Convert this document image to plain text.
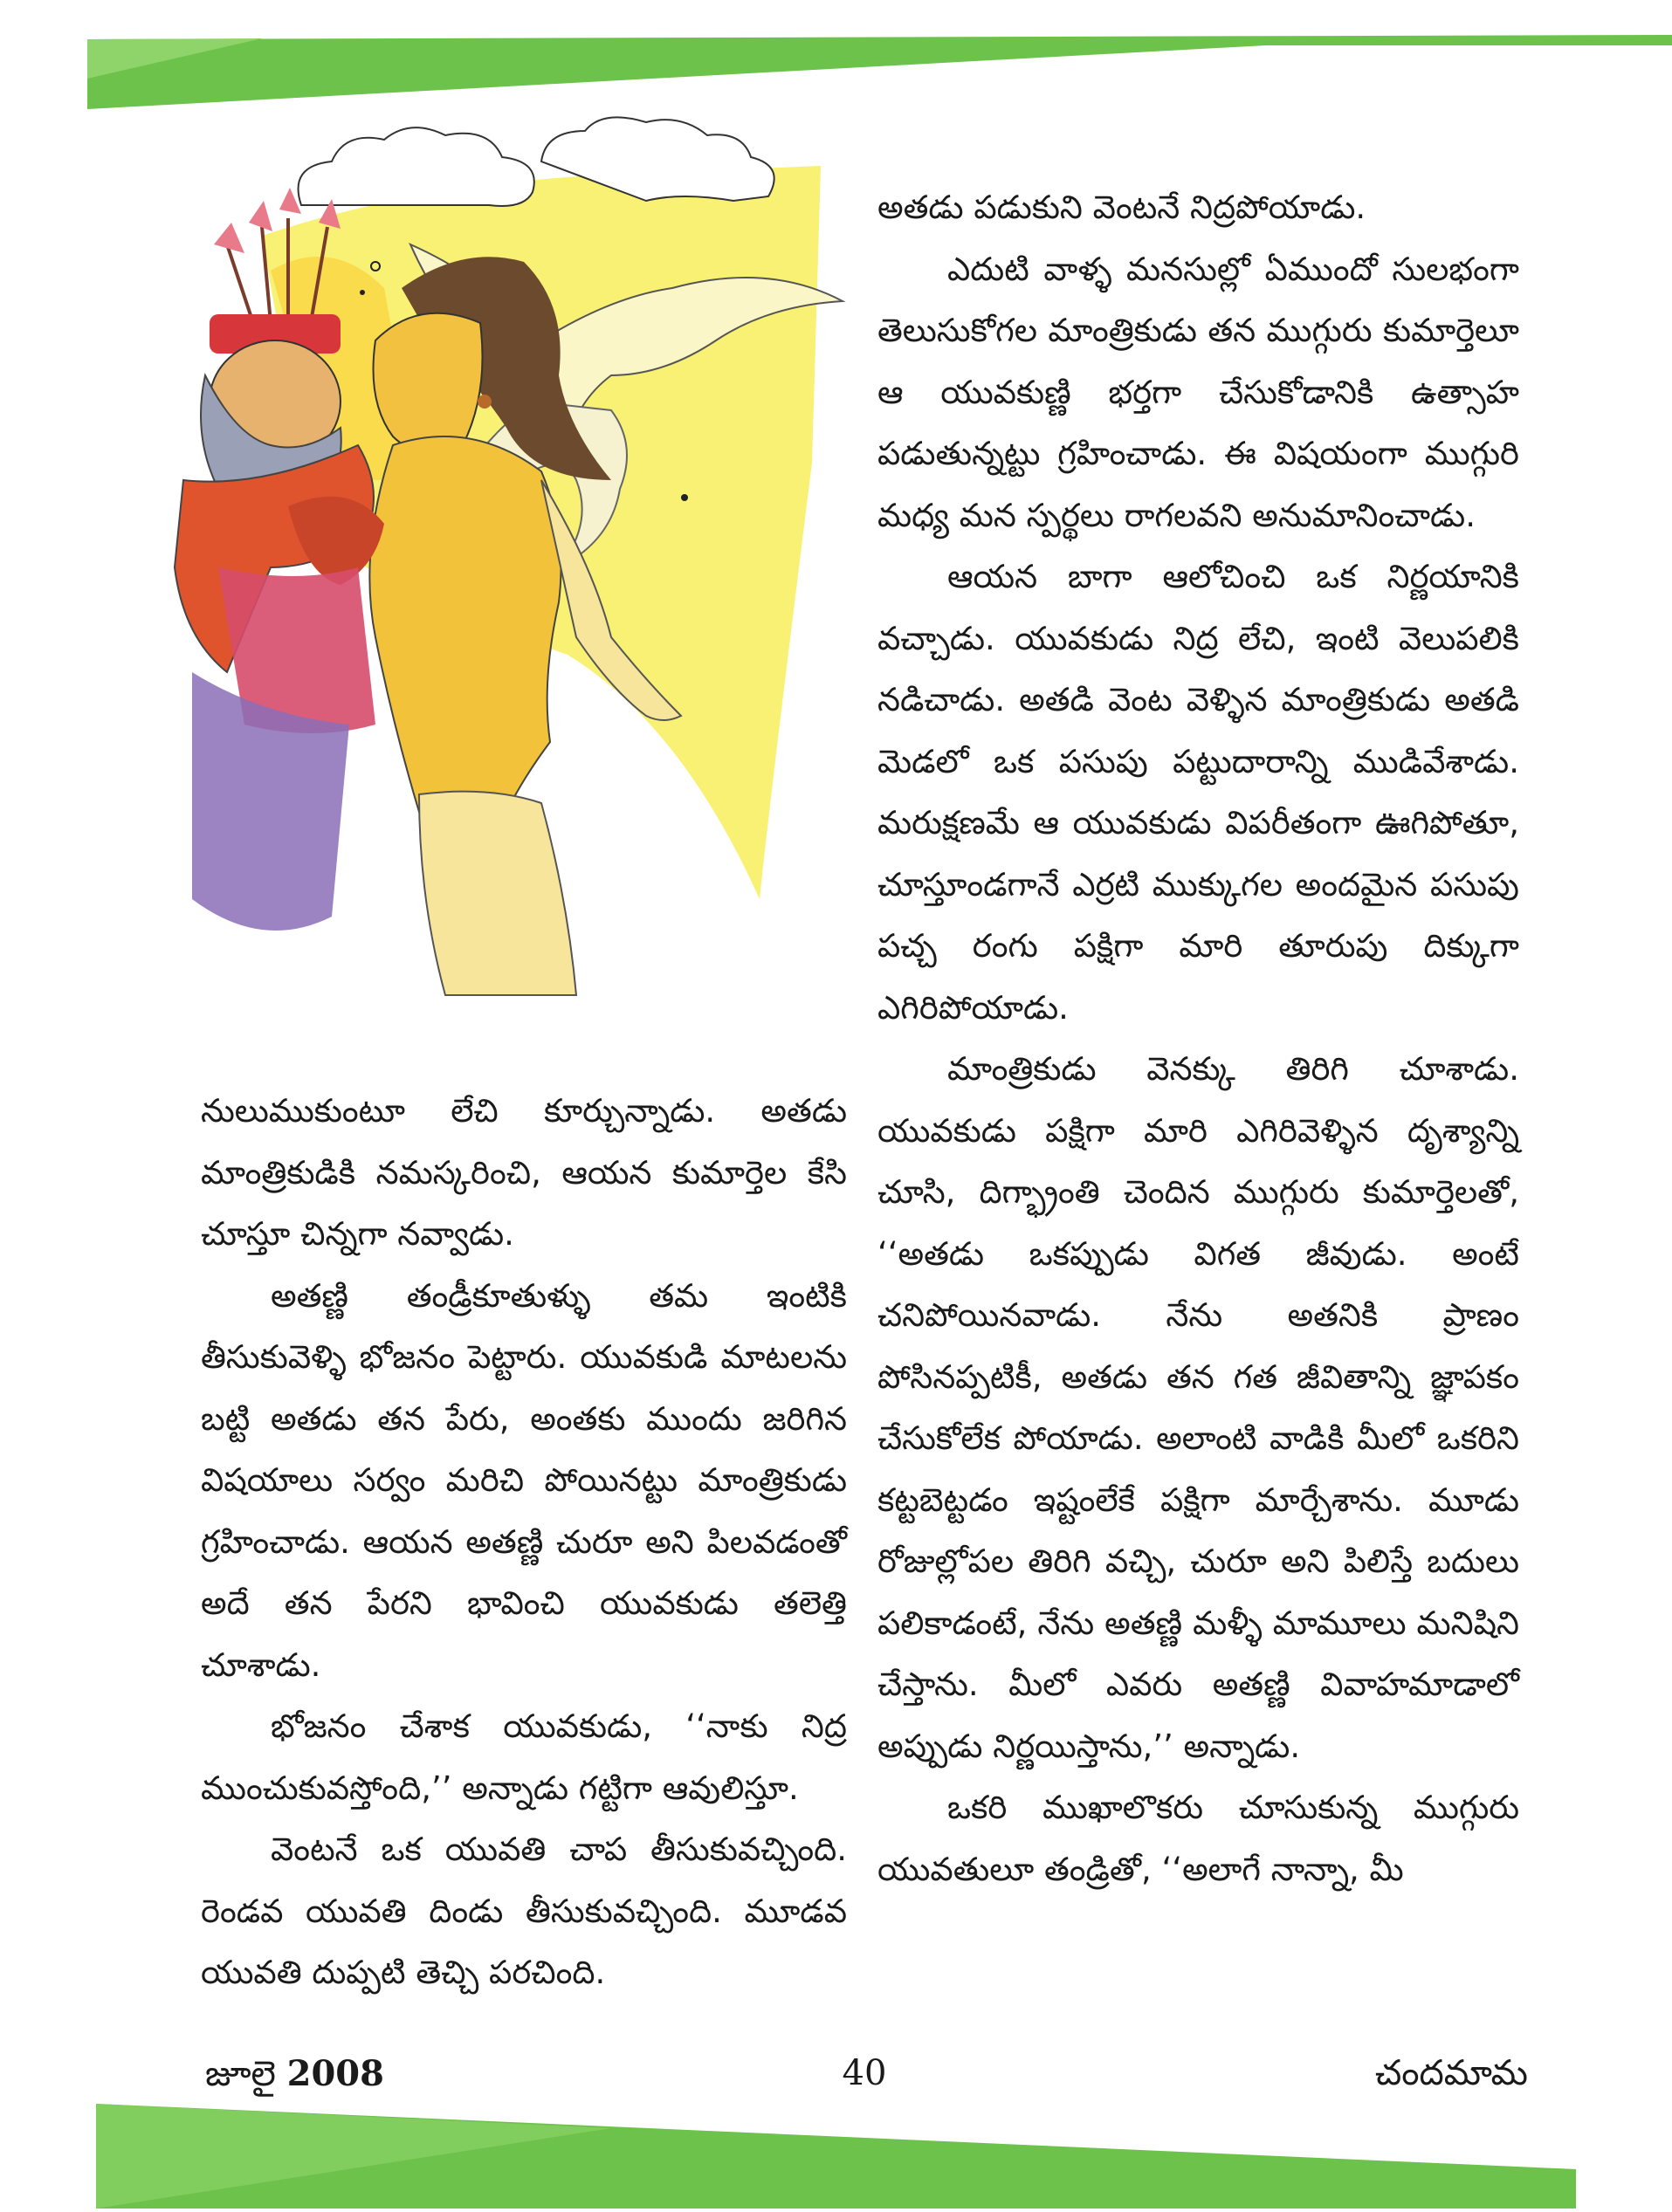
అతడు పడుకుని వెంటనే నిద్రపోయాడు.

ఎదుటి వాళ్ళ మనసుల్లో ఏముందో సులభంగా తెలుసుకోగల మాంత్రికుడు తన ముగ్గురు కుమార్తెలూ ఆ యువకుణ్ణి భర్తగా చేసుకోడానికి ఉత్సాహ పడుతున్నట్టు గ్రహించాడు. ఈ విషయంగా ముగ్గురి మధ్య మన స్పర్థలు రాగలవని అనుమానించాడు.

ఆయన బాగా ఆలోచించి ఒక నిర్ణయానికి వచ్చాడు. యువకుడు నిద్ర లేచి, ఇంటి వెలుపలికి నడిచాడు. అతడి వెంట వెళ్ళిన మాంత్రికుడు అతడి మెడలో ఒక పసుపు పట్టుదారాన్ని ముడివేశాడు. మరుక్షణమే ఆ యువకుడు విపరీతంగా ఊగిపోతూ, చూస్తూండగానే ఎర్రటి ముక్కుగల అందమైన పసుపు పచ్చ రంగు పక్షిగా మారి తూరుపు దిక్కుగా ఎగిరిపోయాడు.

మాంత్రికుడు వెనక్కు తిరిగి చూశాడు. యువకుడు పక్షిగా మారి ఎగిరివెళ్ళిన దృశ్యాన్ని చూసి, దిగ్భ్రాంతి చెందిన ముగ్గురు కుమార్తెలతో, ‘‘అతడు ఒకప్పుడు విగత జీవుడు. అంటే చనిపోయినవాడు. నేను అతనికి ప్రాణం పోసినప్పటికీ, అతడు తన గత జీవితాన్ని జ్ఞాపకం చేసుకోలేక పోయాడు. అలాంటి వాడికి మీలో ఒకరిని కట్టబెట్టడం ఇష్టంలేకే పక్షిగా మార్చేశాను. మూడు రోజుల్లోపల తిరిగి వచ్చి, చురూ అని పిలిస్తే బదులు పలికాడంటే, నేను అతణ్ణి మళ్ళీ మామూలు మనిషిని చేస్తాను. మీలో ఎవరు అతణ్ణి వివాహమాడాలో అప్పుడు నిర్ణయిస్తాను,’’ అన్నాడు.

ఒకరి ముఖాలొకరు చూసుకున్న ముగ్గురు యువతులూ తండ్రితో, ‘‘అలాగే నాన్నా, మీ

నులుముకుంటూ లేచి కూర్చున్నాడు. అతడు మాంత్రికుడికి నమస్కరించి, ఆయన కుమార్తెల కేసి చూస్తూ చిన్నగా నవ్వాడు.

అతణ్ణి తండ్రీకూతుళ్ళు తమ ఇంటికి తీసుకువెళ్ళి భోజనం పెట్టారు. యువకుడి మాటలను బట్టి అతడు తన పేరు, అంతకు ముందు జరిగిన విషయాలు సర్వం మరిచి పోయినట్టు మాంత్రికుడు గ్రహించాడు. ఆయన అతణ్ణి చురూ అని పిలవడంతో అదే తన పేరని భావించి యువకుడు తలెత్తి చూశాడు.

భోజనం చేశాక యువకుడు, ‘‘నాకు నిద్ర ముంచుకువస్తోంది,’’ అన్నాడు గట్టిగా ఆవులిస్తూ.

వెంటనే ఒక యువతి చాప తీసుకువచ్చింది. రెండవ యువతి దిండు తీసుకువచ్చింది. మూడవ యువతి దుప్పటి తెచ్చి పరచింది.

జూలై 2008	40	చందమామ
